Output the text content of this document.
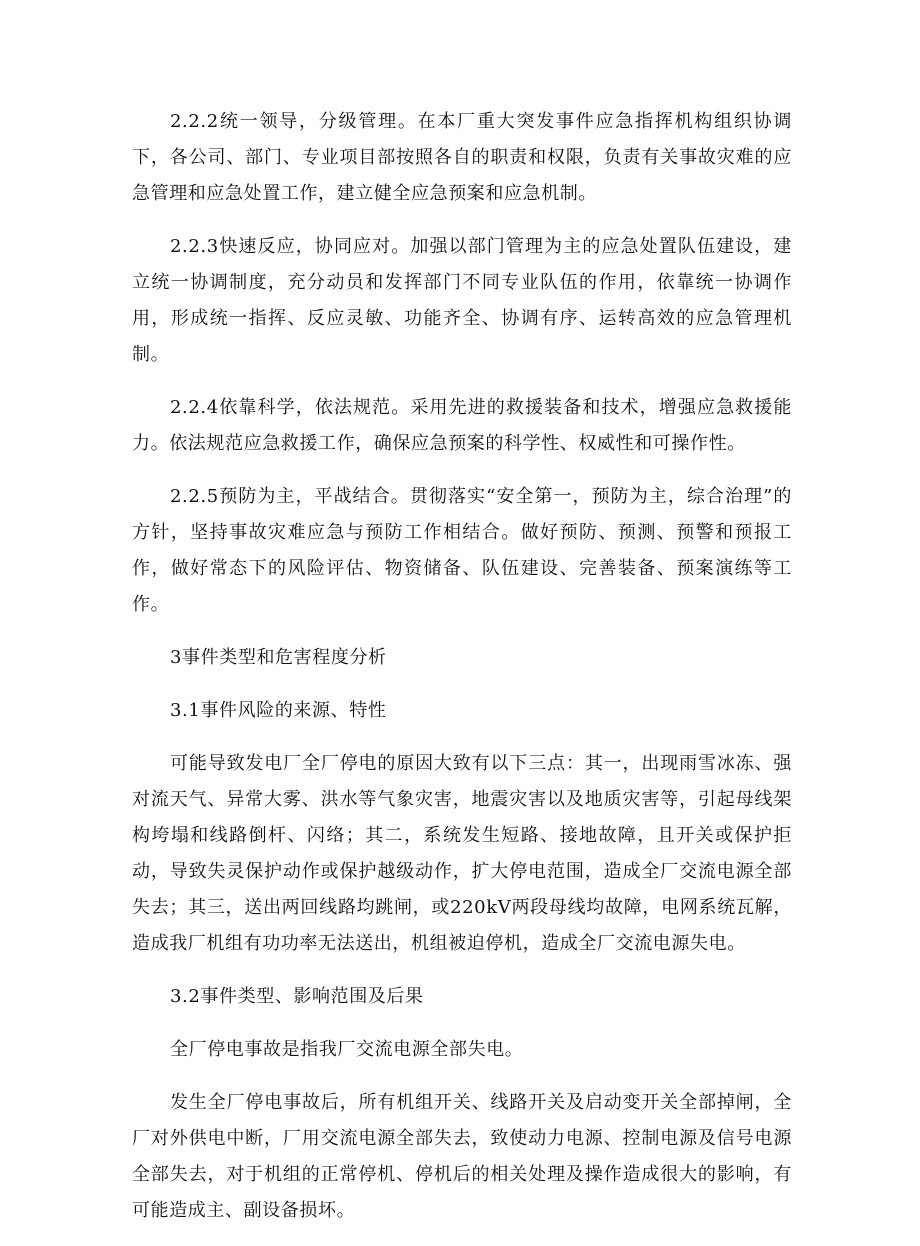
2.2.2统一领导，分级管理。在本厂重大突发事件应急指挥机构组织协调下，各公司、部门、专业项目部按照各自的职责和权限，负责有关事故灾难的应急管理和应急处置工作，建立健全应急预案和应急机制。

2.2.3快速反应，协同应对。加强以部门管理为主的应急处置队伍建设，建立统一协调制度，充分动员和发挥部门不同专业队伍的作用，依靠统一协调作用，形成统一指挥、反应灵敏、功能齐全、协调有序、运转高效的应急管理机制。

2.2.4依靠科学，依法规范。采用先进的救援装备和技术，增强应急救援能力。依法规范应急救援工作，确保应急预案的科学性、权威性和可操作性。

2.2.5预防为主，平战结合。贯彻落实“安全第一，预防为主，综合治理”的方针，坚持事故灾难应急与预防工作相结合。做好预防、预测、预警和预报工作，做好常态下的风险评估、物资储备、队伍建设、完善装备、预案演练等工作。

3事件类型和危害程度分析

3.1事件风险的来源、特性

可能导致发电厂全厂停电的原因大致有以下三点：其一，出现雨雪冰冻、强对流天气、异常大雾、洪水等气象灾害，地震灾害以及地质灾害等，引起母线架构垮塌和线路倒杆、闪络；其二，系统发生短路、接地故障，且开关或保护拒动，导致失灵保护动作或保护越级动作，扩大停电范围，造成全厂交流电源全部失去；其三，送出两回线路均跳闸，或220kV两段母线均故障，电网系统瓦解，造成我厂机组有功功率无法送出，机组被迫停机，造成全厂交流电源失电。

3.2事件类型、影响范围及后果

全厂停电事故是指我厂交流电源全部失电。

发生全厂停电事故后，所有机组开关、线路开关及启动变开关全部掉闸，全厂对外供电中断，厂用交流电源全部失去，致使动力电源、控制电源及信号电源全部失去，对于机组的正常停机、停机后的相关处理及操作造成很大的影响，有可能造成主、副设备损坏。
